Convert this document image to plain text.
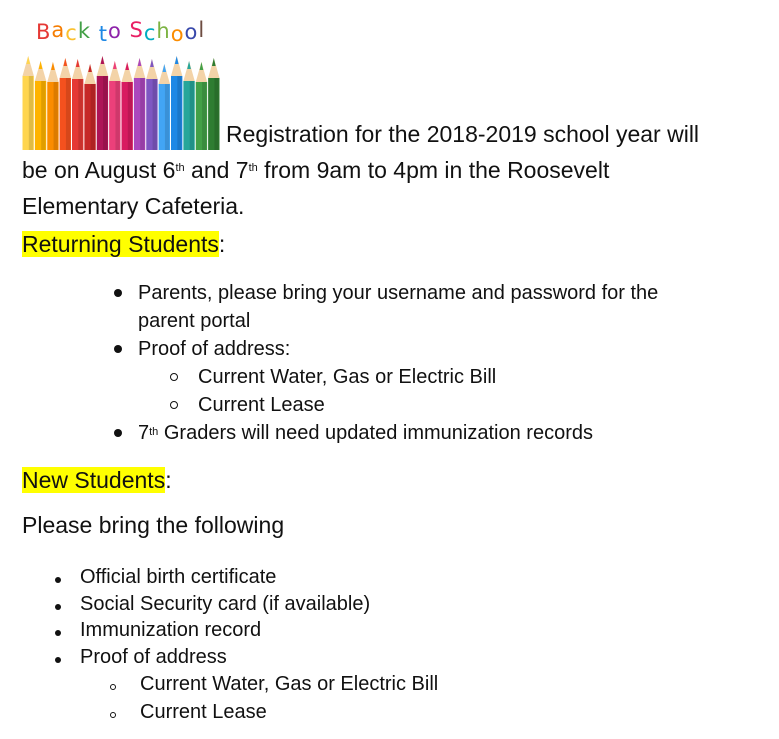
Back to School
Registration for the 2018-2019 school year will
be on August 6th and 7th from 9am to 4pm in the Roosevelt
Elementary Cafeteria.
Returning Students:
Parents, please bring your username and password for the
parent portal
Proof of address:
Current Water, Gas or Electric Bill
Current Lease
7th Graders will need updated immunization records
New Students:
Please bring the following
Official birth certificate
Social Security card (if available)
Immunization record
Proof of address
Current Water, Gas or Electric Bill
Current Lease
